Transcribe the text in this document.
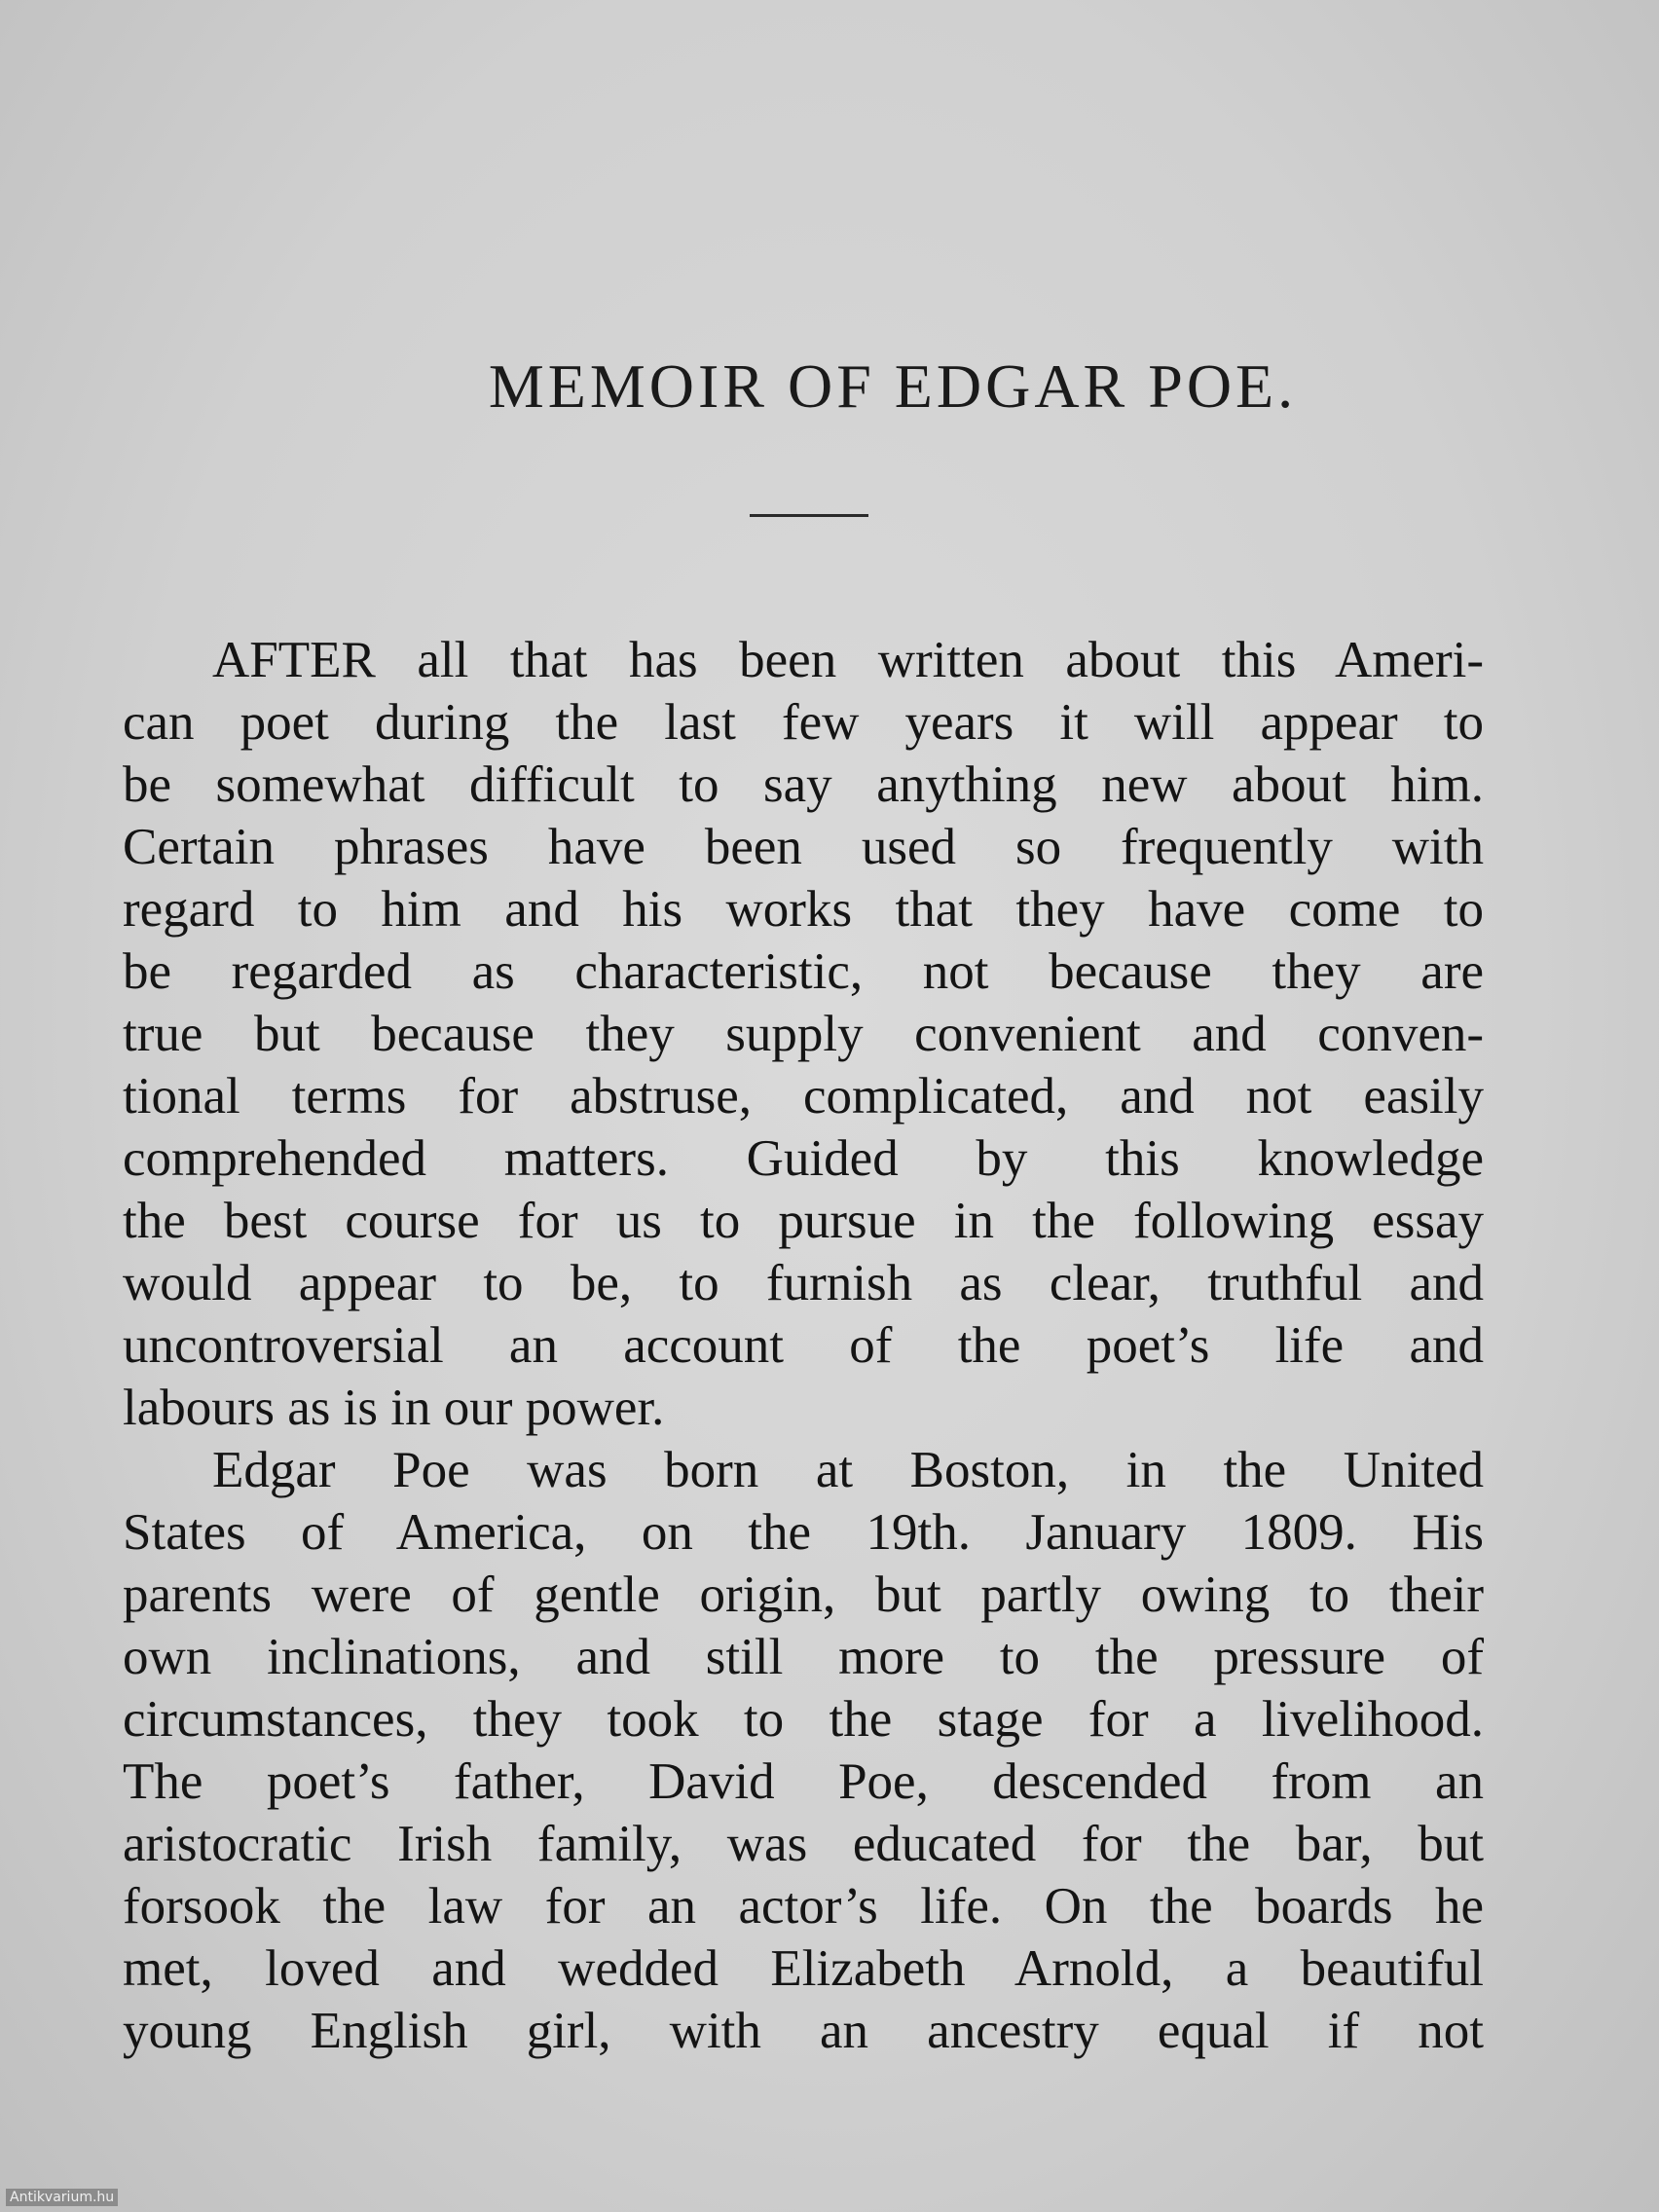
MEMOIR OF EDGAR POE.
AFTER all that has been written about this Ameri-
can poet during the last few years it will appear to
be somewhat difficult to say anything new about him.
Certain phrases have been used so frequently with
regard to him and his works that they have come to
be regarded as characteristic, not because they are
true but because they supply convenient and conven-
tional terms for abstruse, complicated, and not easily
comprehended matters. Guided by this knowledge
the best course for us to pursue in the following essay
would appear to be, to furnish as clear, truthful and
uncontroversial an account of the poet’s life and
labours as is in our power.
Edgar Poe was born at Boston, in the United
States of America, on the 19th. January 1809. His
parents were of gentle origin, but partly owing to their
own inclinations, and still more to the pressure of
circumstances, they took to the stage for a livelihood.
The poet’s father, David Poe, descended from an
aristocratic Irish family, was educated for the bar, but
forsook the law for an actor’s life. On the boards he
met, loved and wedded Elizabeth Arnold, a beautiful
young English girl, with an ancestry equal if not
Antikvarium.hu
